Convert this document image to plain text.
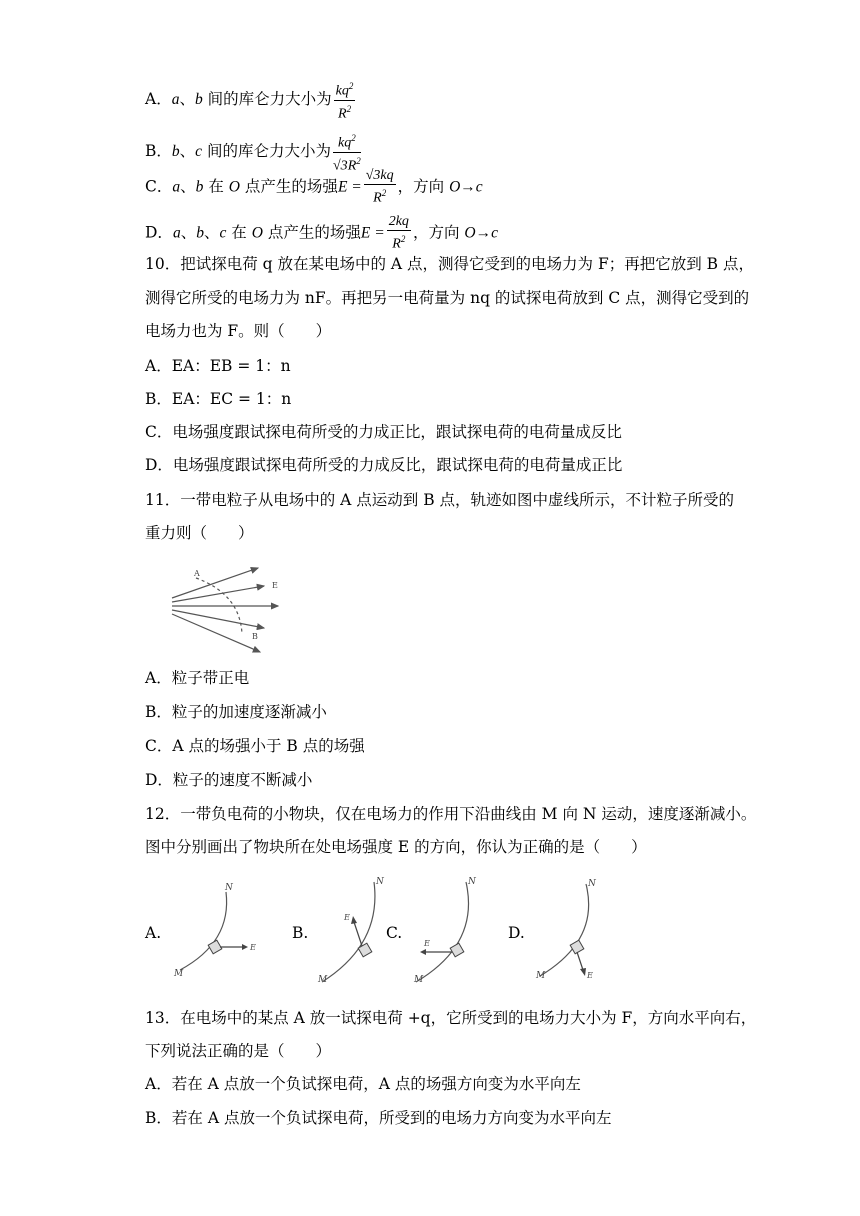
A．a、b 间的库仑力大小为 $\frac{kq^2}{R^2}$
B．b、c 间的库仑力大小为 $\frac{kq^2}{√3R^2}$
C．a、b 在 O 点产生的场强$E = \frac{√3kq}{R^2}$ ，方向 O→c
D．a、b、c 在 O 点产生的场强$E = \frac{2kq}{R^2}$ ，方向 O→c
10．把试探电荷 q 放在某电场中的 A 点，测得它受到的电场力为 F；再把它放到 B 点，
测得它所受的电场力为 nF。再把另一电荷量为 nq 的试探电荷放到 C 点，测得它受到的
电场力也为 F。则（　　）
A．EA：EB = 1：n
B．EA：EC = 1：n
C．电场强度跟试探电荷所受的力成正比，跟试探电荷的电荷量成反比
D．电场强度跟试探电荷所受的力成反比，跟试探电荷的电荷量成正比
11．一带电粒子从电场中的 A 点运动到 B 点，轨迹如图中虚线所示，不计粒子所受的
重力则（　　）
A
B
E
A．粒子带正电
B．粒子的加速度逐渐减小
C．A 点的场强小于 B 点的场强
D．粒子的速度不断减小
12．一带负电荷的小物块，仅在电场力的作用下沿曲线由 M 向 N 运动，速度逐渐减小。
图中分别画出了物块所在处电场强度 E 的方向，你认为正确的是（　　）
A.
N
M
E
B.
N
M
E
C.
N
M
E
D.
N
M	E
13．在电场中的某点 A 放一试探电荷 +q，它所受到的电场力大小为 F，方向水平向右，
下列说法正确的是（　　）
A．若在 A 点放一个负试探电荷，A 点的场强方向变为水平向左
B．若在 A 点放一个负试探电荷，所受到的电场力方向变为水平向左
